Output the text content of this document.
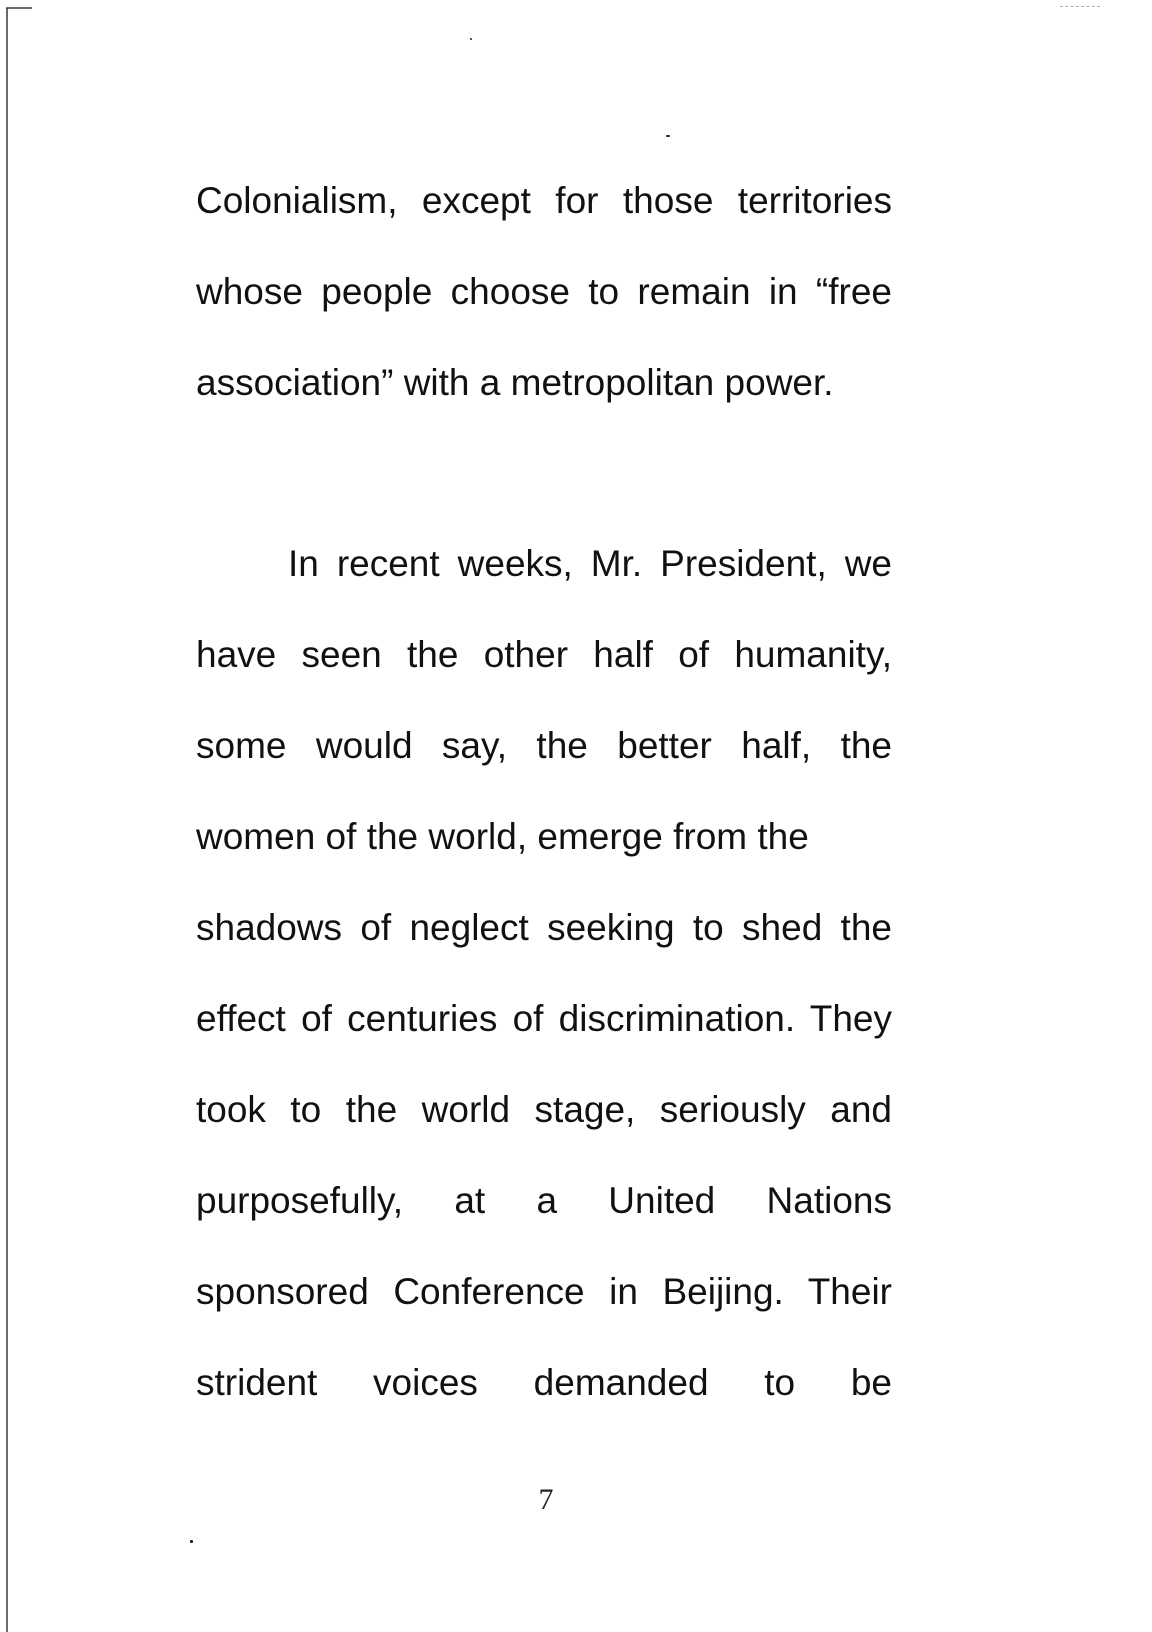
Colonialism, except for those territories
whose people choose to remain in “free
association” with a metropolitan power.
In recent weeks, Mr. President, we
have seen the other half of humanity,
some would say, the better half, the
women of the world, emerge from the
shadows of neglect seeking to shed the
effect of centuries of discrimination. They
took to the world stage, seriously and
purposefully, at a United Nations
sponsored Conference in Beijing. Their
strident voices demanded to be
7
